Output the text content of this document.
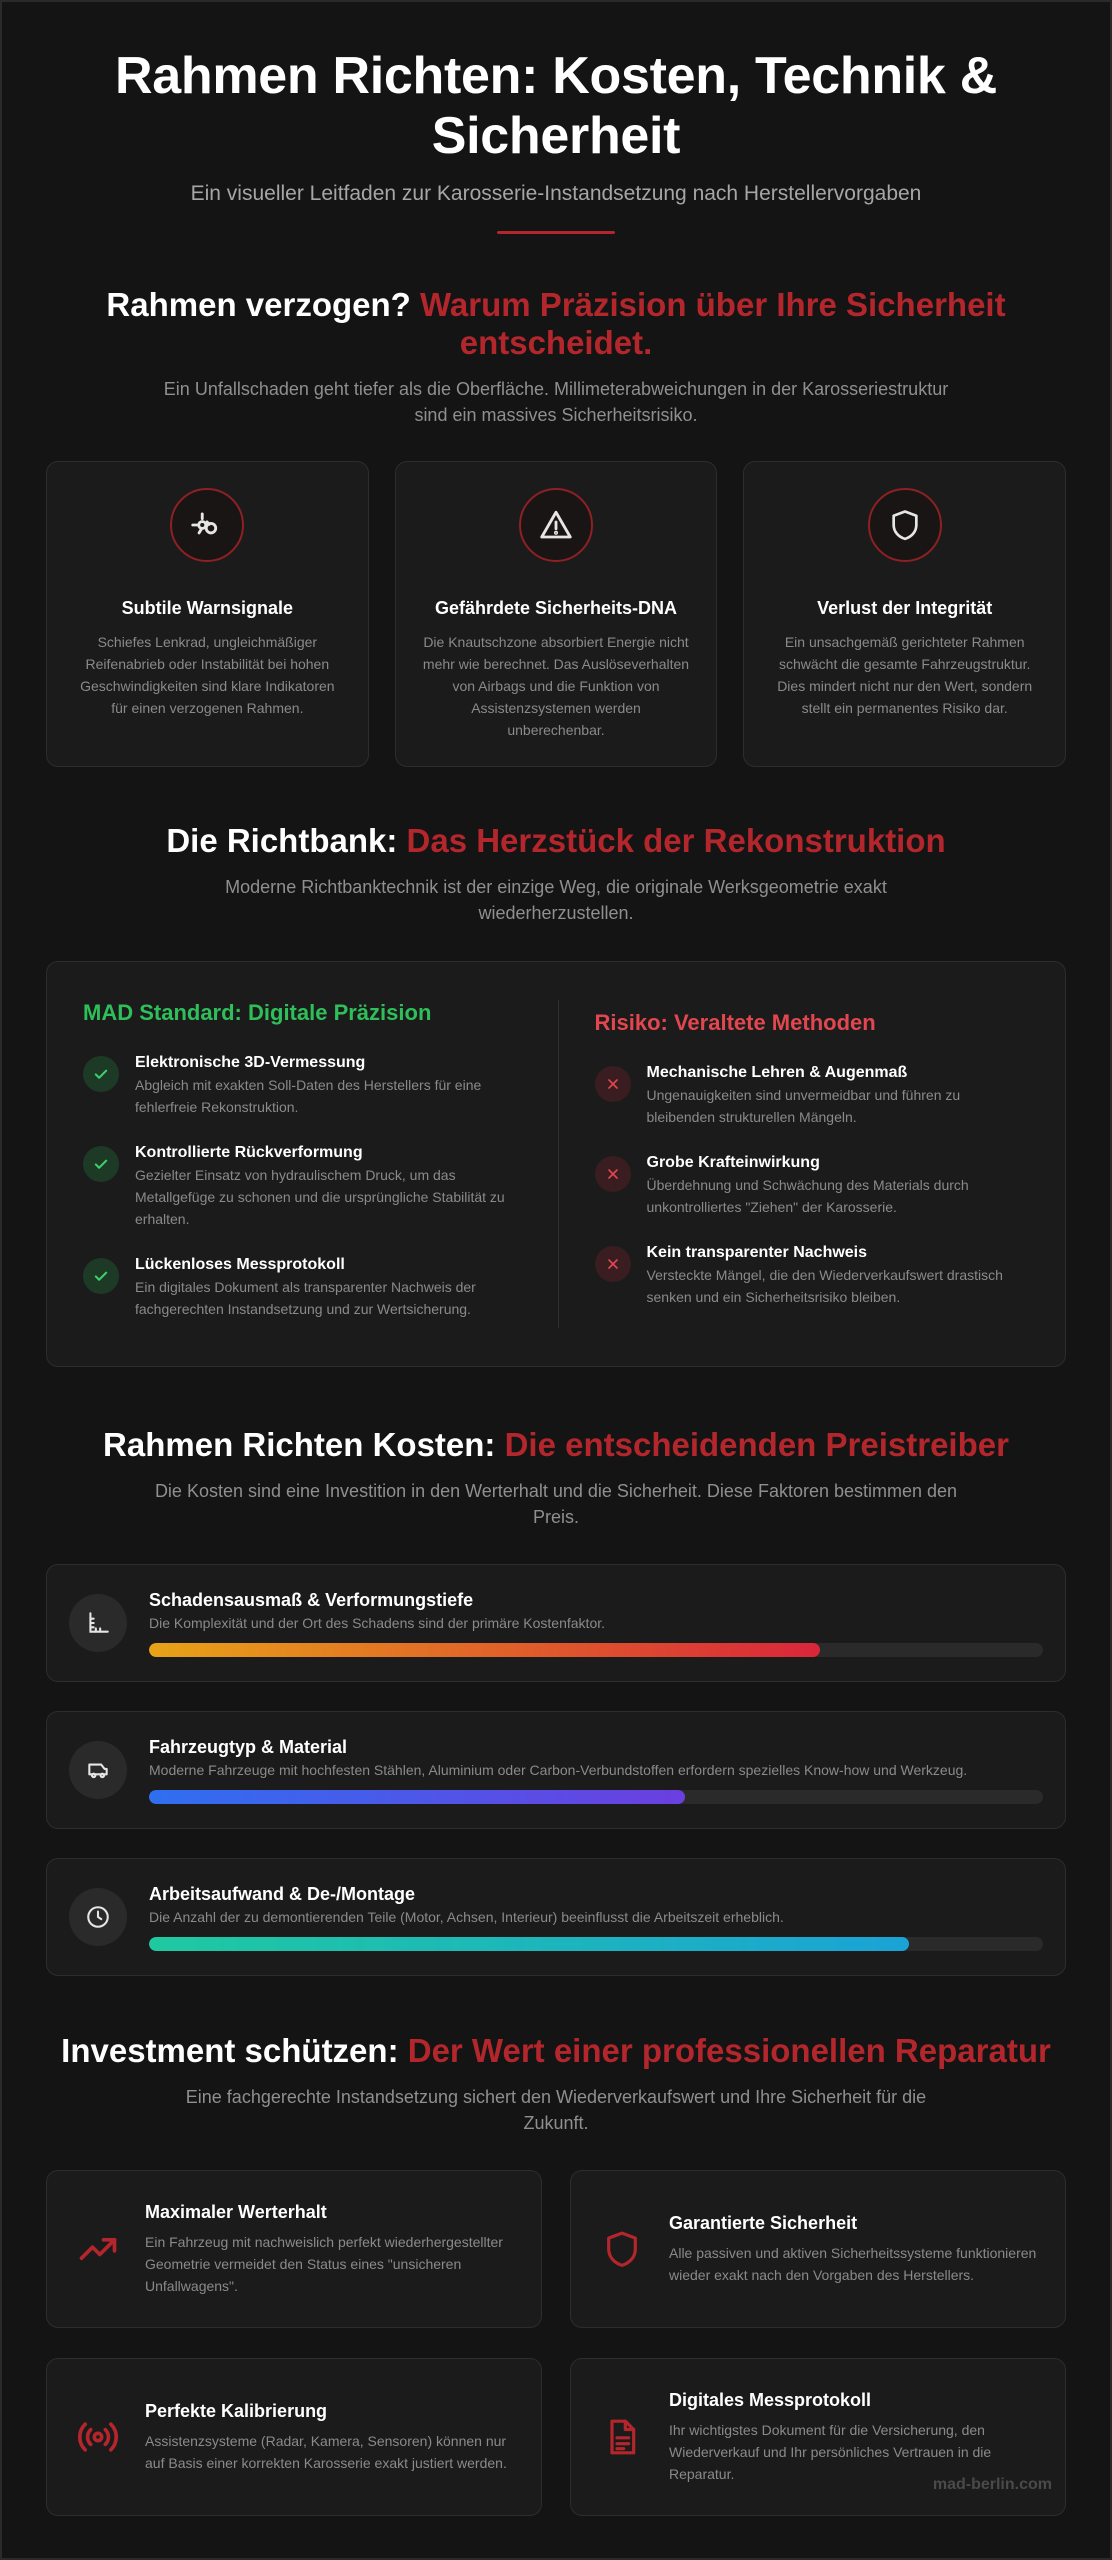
Rahmen Richten: Kosten, Technik & Sicherheit

Ein visueller Leitfaden zur Karosserie-Instandsetzung nach Herstellervorgaben

Rahmen verzogen? Warum Präzision über Ihre Sicherheit entscheidet.

Ein Unfallschaden geht tiefer als die Oberfläche. Millimeterabweichungen in der Karosseriestruktur sind ein massives Sicherheitsrisiko.

Subtile Warnsignale

Schiefes Lenkrad, ungleichmäßiger Reifenabrieb oder Instabilität bei hohen Geschwindigkeiten sind klare Indikatoren für einen verzogenen Rahmen.

Gefährdete Sicherheits-DNA

Die Knautschzone absorbiert Energie nicht mehr wie berechnet. Das Auslöseverhalten von Airbags und die Funktion von Assistenzsystemen werden unberechenbar.

Verlust der Integrität

Ein unsachgemäß gerichteter Rahmen schwächt die gesamte Fahrzeugstruktur. Dies mindert nicht nur den Wert, sondern stellt ein permanentes Risiko dar.

Die Richtbank: Das Herzstück der Rekonstruktion

Moderne Richtbanktechnik ist der einzige Weg, die originale Werksgeometrie exakt wiederherzustellen.

MAD Standard: Digitale Präzision
Elektronische 3D-Vermessung

Abgleich mit exakten Soll-Daten des Herstellers für eine fehlerfreie Rekonstruktion.

Kontrollierte Rückverformung

Gezielter Einsatz von hydraulischem Druck, um das Metallgefüge zu schonen und die ursprüngliche Stabilität zu erhalten.

Lückenloses Messprotokoll

Ein digitales Dokument als transparenter Nachweis der fachgerechten Instandsetzung und zur Wertsicherung.

Risiko: Veraltete Methoden
Mechanische Lehren & Augenmaß

Ungenauigkeiten sind unvermeidbar und führen zu bleibenden strukturellen Mängeln.

Grobe Krafteinwirkung

Überdehnung und Schwächung des Materials durch unkontrolliertes "Ziehen" der Karosserie.

Kein transparenter Nachweis

Versteckte Mängel, die den Wiederverkaufswert drastisch senken und ein Sicherheitsrisiko bleiben.

Rahmen Richten Kosten: Die entscheidenden Preistreiber

Die Kosten sind eine Investition in den Werterhalt und die Sicherheit. Diese Faktoren bestimmen den Preis.

Schadensausmaß & Verformungstiefe

Die Komplexität und der Ort des Schadens sind der primäre Kostenfaktor.

Fahrzeugtyp & Material

Moderne Fahrzeuge mit hochfesten Stählen, Aluminium oder Carbon-Verbundstoffen erfordern spezielles Know-how und Werkzeug.

Arbeitsaufwand & De-/Montage

Die Anzahl der zu demontierenden Teile (Motor, Achsen, Interieur) beeinflusst die Arbeitszeit erheblich.

Investment schützen: Der Wert einer professionellen Reparatur

Eine fachgerechte Instandsetzung sichert den Wiederverkaufswert und Ihre Sicherheit für die Zukunft.

Maximaler Werterhalt

Ein Fahrzeug mit nachweislich perfekt wiederhergestellter Geometrie vermeidet den Status eines "unsicheren Unfallwagens".

Garantierte Sicherheit

Alle passiven und aktiven Sicherheitssysteme funktionieren wieder exakt nach den Vorgaben des Herstellers.

Perfekte Kalibrierung

Assistenzsysteme (Radar, Kamera, Sensoren) können nur auf Basis einer korrekten Karosserie exakt justiert werden.

Digitales Messprotokoll

Ihr wichtigstes Dokument für die Versicherung, den Wiederverkauf und Ihr persönliches Vertrauen in die Reparatur.

mad-berlin.com
